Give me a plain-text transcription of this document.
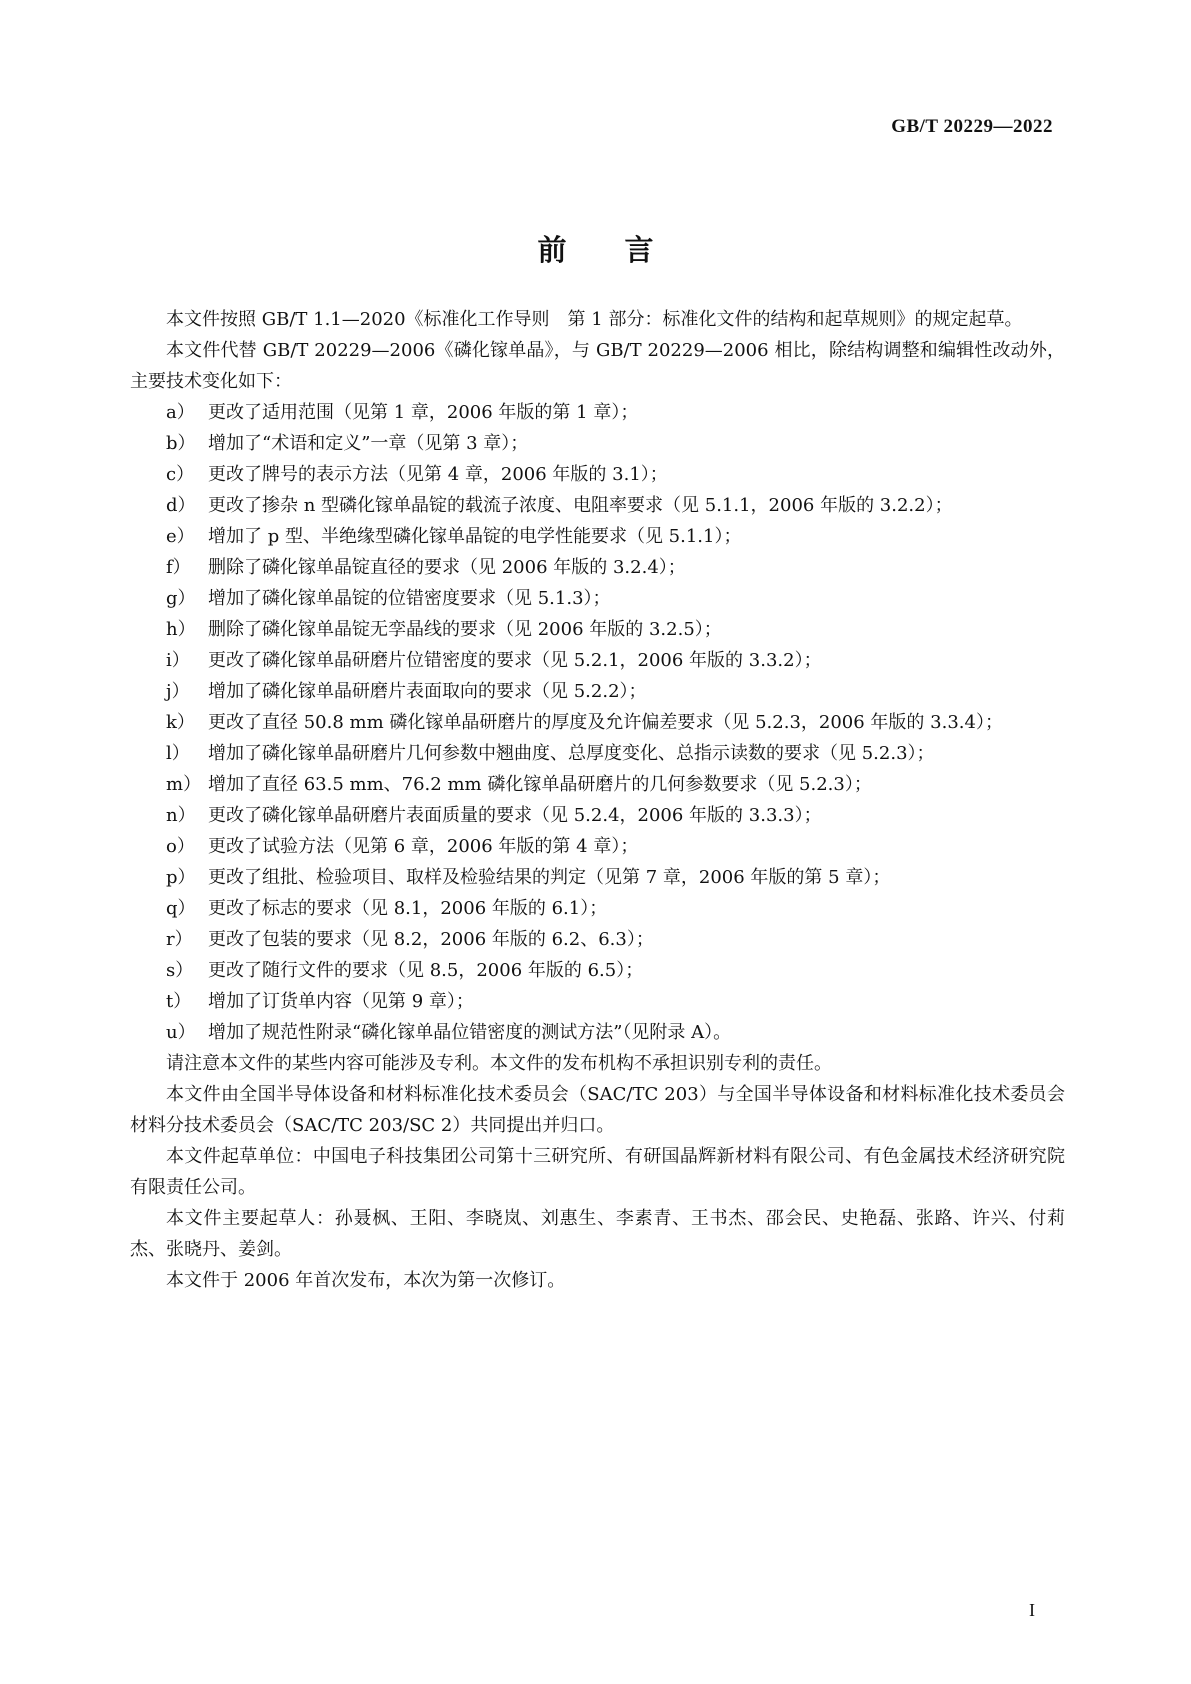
GB/T 20229—2022
前言

本文件按照 GB/T 1.1—2020《标准化工作导则　第 1 部分：标准化文件的结构和起草规则》的规定起草。

本文件代替 GB/T 20229—2006《磷化镓单晶》，与 GB/T 20229—2006 相比，除结构调整和编辑性改动外，主要技术变化如下：

a） 更改了适用范围（见第 1 章，2006 年版的第 1 章）；
b） 增加了“术语和定义”一章（见第 3 章）；
c） 更改了牌号的表示方法（见第 4 章，2006 年版的 3.1）；
d） 更改了掺杂 n 型磷化镓单晶锭的载流子浓度、电阻率要求（见 5.1.1，2006 年版的 3.2.2）；
e） 增加了 p 型、半绝缘型磷化镓单晶锭的电学性能要求（见 5.1.1）；
f） 删除了磷化镓单晶锭直径的要求（见 2006 年版的 3.2.4）；
g） 增加了磷化镓单晶锭的位错密度要求（见 5.1.3）；
h） 删除了磷化镓单晶锭无孪晶线的要求（见 2006 年版的 3.2.5）；
i）	更改了磷化镓单晶研磨片位错密度的要求（见 5.2.1，2006 年版的 3.3.2）；
j）	增加了磷化镓单晶研磨片表面取向的要求（见 5.2.2）；
k） 更改了直径 50.8 mm 磷化镓单晶研磨片的厚度及允许偏差要求（见 5.2.3，2006 年版的 3.3.4）；
l）	增加了磷化镓单晶研磨片几何参数中翘曲度、总厚度变化、总指示读数的要求（见 5.2.3）；
m） 增加了直径 63.5 mm、76.2 mm 磷化镓单晶研磨片的几何参数要求（见 5.2.3）；
n） 更改了磷化镓单晶研磨片表面质量的要求（见 5.2.4，2006 年版的 3.3.3）；
o） 更改了试验方法（见第 6 章，2006 年版的第 4 章）；
p） 更改了组批、检验项目、取样及检验结果的判定（见第 7 章，2006 年版的第 5 章）；
q） 更改了标志的要求（见 8.1，2006 年版的 6.1）；
r） 更改了包装的要求（见 8.2，2006 年版的 6.2、6.3）；
s） 更改了随行文件的要求（见 8.5，2006 年版的 6.5）；
t） 增加了订货单内容（见第 9 章）；
u） 增加了规范性附录“磷化镓单晶位错密度的测试方法”（见附录 A）。

请注意本文件的某些内容可能涉及专利。本文件的发布机构不承担识别专利的责任。

本文件由全国半导体设备和材料标准化技术委员会（SAC/TC 203）与全国半导体设备和材料标准化技术委员会材料分技术委员会（SAC/TC 203/SC 2）共同提出并归口。

本文件起草单位：中国电子科技集团公司第十三研究所、有研国晶辉新材料有限公司、有色金属技术经济研究院有限责任公司。

本文件主要起草人：孙聂枫、王阳、李晓岚、刘惠生、李素青、王书杰、邵会民、史艳磊、张路、许兴、付莉杰、张晓丹、姜剑。

本文件于 2006 年首次发布，本次为第一次修订。

I
